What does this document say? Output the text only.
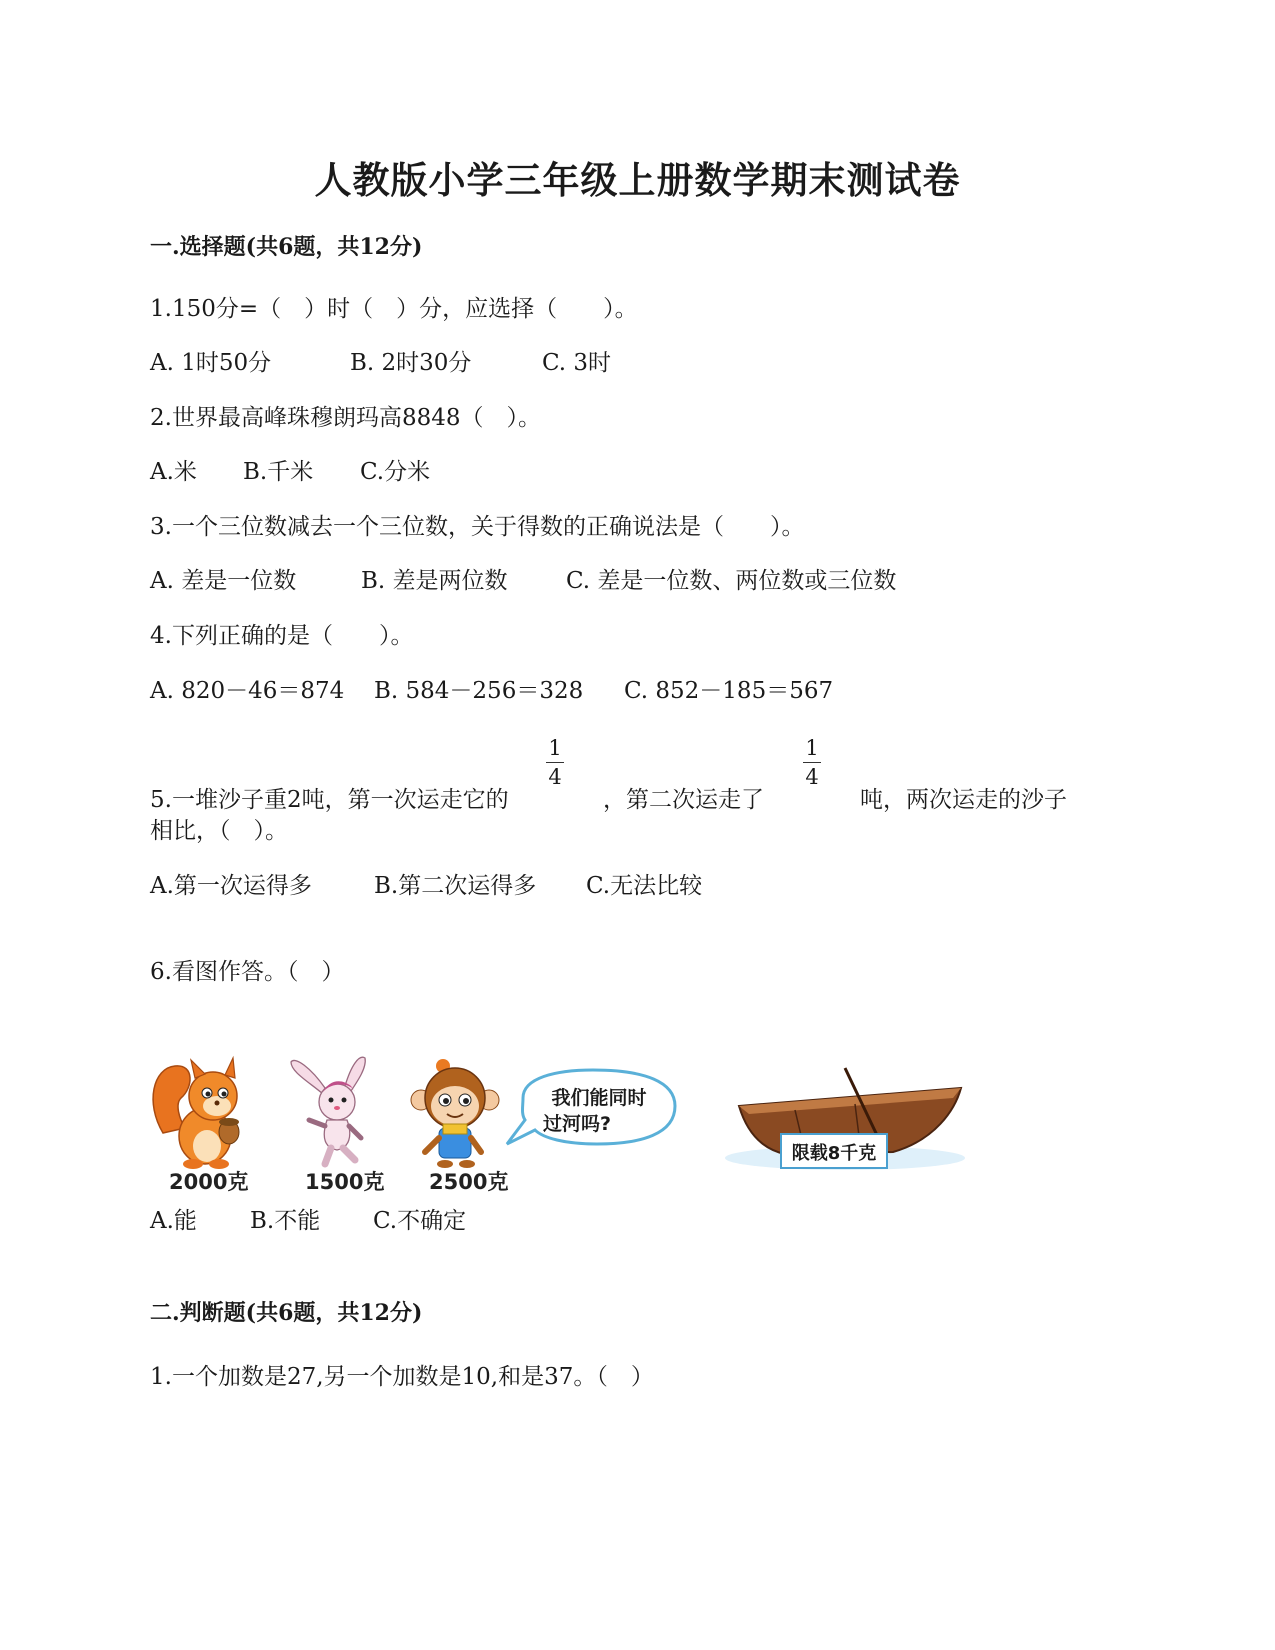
人教版小学三年级上册数学期末测试卷
一.选择题(共6题，共12分)
1.150分=（　）时（　）分，应选择（　　）。
A. 1时50分	B. 2时30分	C. 3时
2.世界最高峰珠穆朗玛高8848（　）。
A.米 B.千米 C.分米
3.一个三位数减去一个三位数，关于得数的正确说法是（　　）。
A. 差是一位数	B. 差是两位数	C. 差是一位数、两位数或三位数
4.下列正确的是（　　）。
A. 820－46＝874 B. 584－256＝328 C. 852－185＝567
5.一堆沙子重2吨，第一次运走它的
1
4
，第二次运走了
1
4
吨，两次运走的沙子
相比，（　）。
A.第一次运得多	B.第二次运得多 C.无法比较
6.看图作答。（　）
我们能同时
过河吗?
限载8千克
2000克	1500克 2500克
A.能 B.不能 C.不确定
二.判断题(共6题，共12分)
1.一个加数是27,另一个加数是10,和是37。（　）
